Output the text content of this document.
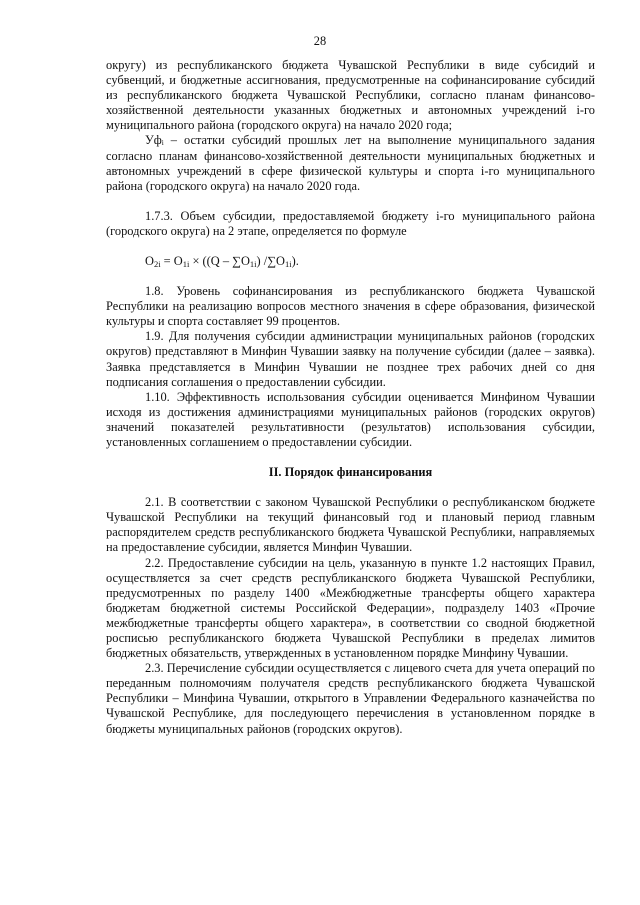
28

округу) из республиканского бюджета Чувашской Республики в виде субсидий и субвенций, и бюджетные ассигнования, предусмотренные на софинансирование субсидий из республиканского бюджета Чувашской Республики, согласно планам финансово-хозяйственной деятельности указанных бюджетных и автономных учреждений i-го муниципального района (городского округа) на начало 2020 года;

Уфᵢ – остатки субсидий прошлых лет на выполнение муниципального задания согласно планам финансово-хозяйственной деятельности муниципальных бюджетных и автономных учреждений в сфере физической культуры и спорта i-го муниципального района (городского округа) на начало 2020 года.

1.7.3. Объем субсидии, предоставляемой бюджету i-го муниципального района (городского округа) на 2 этапе, определяется по формуле

$О_{2i} = О_{1i} \times ((Q - \sum О_{1i})$ $/\sum О_{1i}$).

1.8. Уровень софинансирования из республиканского бюджета Чувашской Республики на реализацию вопросов местного значения в сфере образования, физической культуры и спорта составляет 99 процентов.

1.9. Для получения субсидии администрации муниципальных районов (городских округов) представляют в Минфин Чувашии заявку на получение субсидии (далее – заявка). Заявка представляется в Минфин Чувашии не позднее трех рабочих дней со дня подписания соглашения о предоставлении субсидии.

1.10. Эффективность использования субсидии оценивается Минфином Чувашии исходя из достижения администрациями муниципальных районов (городских округов) значений показателей результативности (результатов) использования субсидии, установленных соглашением о предоставлении субсидии.

II. Порядок финансирования

2.1. В соответствии с законом Чувашской Республики о республиканском бюджете Чувашской Республики на текущий финансовый год и плановый период главным распорядителем средств республиканского бюджета Чувашской Республики, направляемых на предоставление субсидии, является Минфин Чувашии.

2.2. Предоставление субсидии на цель, указанную в пункте 1.2 настоящих Правил, осуществляется за счет средств республиканского бюджета Чувашской Республики, предусмотренных по разделу 1400 «Межбюджетные трансферты общего характера бюджетам бюджетной системы Российской Федерации», подразделу 1403 «Прочие межбюджетные трансферты общего характера», в соответствии со сводной бюджетной росписью республиканского бюджета Чувашской Республики в пределах лимитов бюджетных обязательств, утвержденных в установленном порядке Минфину Чувашии.

2.3. Перечисление субсидии осуществляется с лицевого счета для учета операций по переданным полномочиям получателя средств республиканского бюджета Чувашской Республики – Минфина Чувашии, открытого в Управлении Федерального казначейства по Чувашской Республике, для последующего перечисления в установленном порядке в бюджеты муниципальных районов (городских округов).
